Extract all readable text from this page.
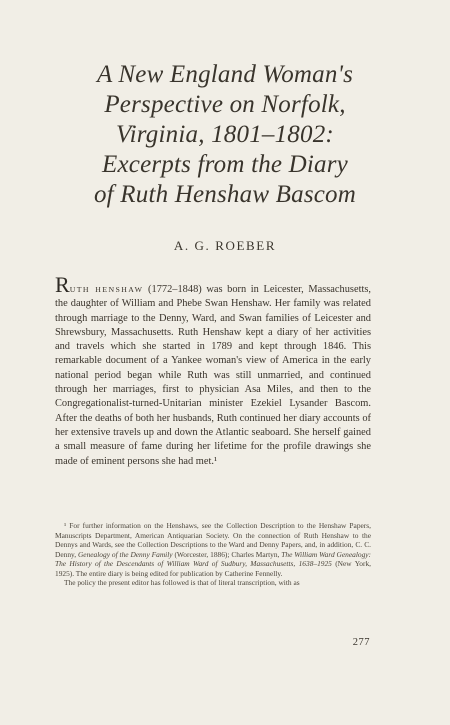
A New England Woman's
Perspective on Norfolk,
Virginia, 1801–1802:
Excerpts from the Diary
of Ruth Henshaw Bascom
A. G. ROEBER
RUTH HENSHAW (1772–1848) was born in Leicester, Massachusetts, the daughter of William and Phebe Swan Henshaw. Her family was related through marriage to the Denny, Ward, and Swan families of Leicester and Shrewsbury, Massachusetts. Ruth Henshaw kept a diary of her activities and travels which she started in 1789 and kept through 1846. This remarkable document of a Yankee woman's view of America in the early national period began while Ruth was still unmarried, and continued through her marriages, first to physician Asa Miles, and then to the Congregationalist-turned-Unitarian minister Ezekiel Lysander Bascom. After the deaths of both her husbands, Ruth continued her diary accounts of her extensive travels up and down the Atlantic seaboard. She herself gained a small measure of fame during her lifetime for the profile drawings she made of eminent persons she had met.¹

¹ For further information on the Henshaws, see the Collection Description to the Henshaw Papers, Manuscripts Department, American Antiquarian Society. On the connection of Ruth Henshaw to the Dennys and Wards, see the Collection Descriptions to the Ward and Denny Papers, and, in addition, C. C. Denny, Genealogy of the Denny Family (Worcester, 1886); Charles Martyn, The William Ward Genealogy: The History of the Descendants of William Ward of Sudbury, Massachusetts, 1638–1925 (New York, 1925). The entire diary is being edited for publication by Catherine Fennelly.

The policy the present editor has followed is that of literal transcription, with as

277
